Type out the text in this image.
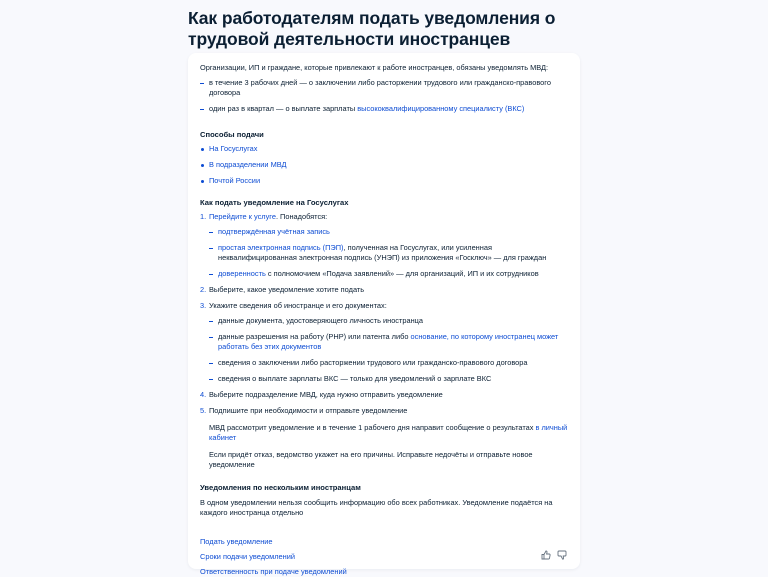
Как работодателям подать уведомления о трудовой деятельности иностранцев

Организации, ИП и граждане, которые привлекают к работе иностранцев, обязаны уведомлять МВД:

в течение 3 рабочих дней — о заключении либо расторжении трудового или гражданско-правового договора
один раз в квартал — о выплате зарплаты высококвалифицированному специалисту (ВКС)

Способы подачи

На Госуслугах
В подразделении МВД
Почтой России

Как подать уведомление на Госуслугах

1. Перейдите к услуге. Понадобятся:
подтверждённая учётная запись
простая электронная подпись (ПЭП), полученная на Госуслугах, или усиленная неквалифицированная электронная подпись (УНЭП) из приложения «Госключ» — для граждан
доверенность с полномочием «Подача заявлений» — для организаций, ИП и их сотрудников
2. Выберите, какое уведомление хотите подать
3. Укажите сведения об иностранце и его документах:
данные документа, удостоверяющего личность иностранца
данные разрешения на работу (РНР) или патента либо основание, по которому иностранец может работать без этих документов
сведения о заключении либо расторжении трудового или гражданско-правового договора
сведения о выплате зарплаты ВКС — только для уведомлений о зарплате ВКС
4. Выберите подразделение МВД, куда нужно отправить уведомление
5. Подпишите при необходимости и отправьте уведомление

МВД рассмотрит уведомление и в течение 1 рабочего дня направит сообщение о результатах в личный кабинет

Если придёт отказ, ведомство укажет на его причины. Исправьте недочёты и отправьте новое уведомление

Уведомления по нескольким иностранцам

В одном уведомлении нельзя сообщить информацию обо всех работниках. Уведомление подаётся на каждого иностранца отдельно

Подать уведомление
Сроки подачи уведомлений
Ответственность при подаче уведомлений
